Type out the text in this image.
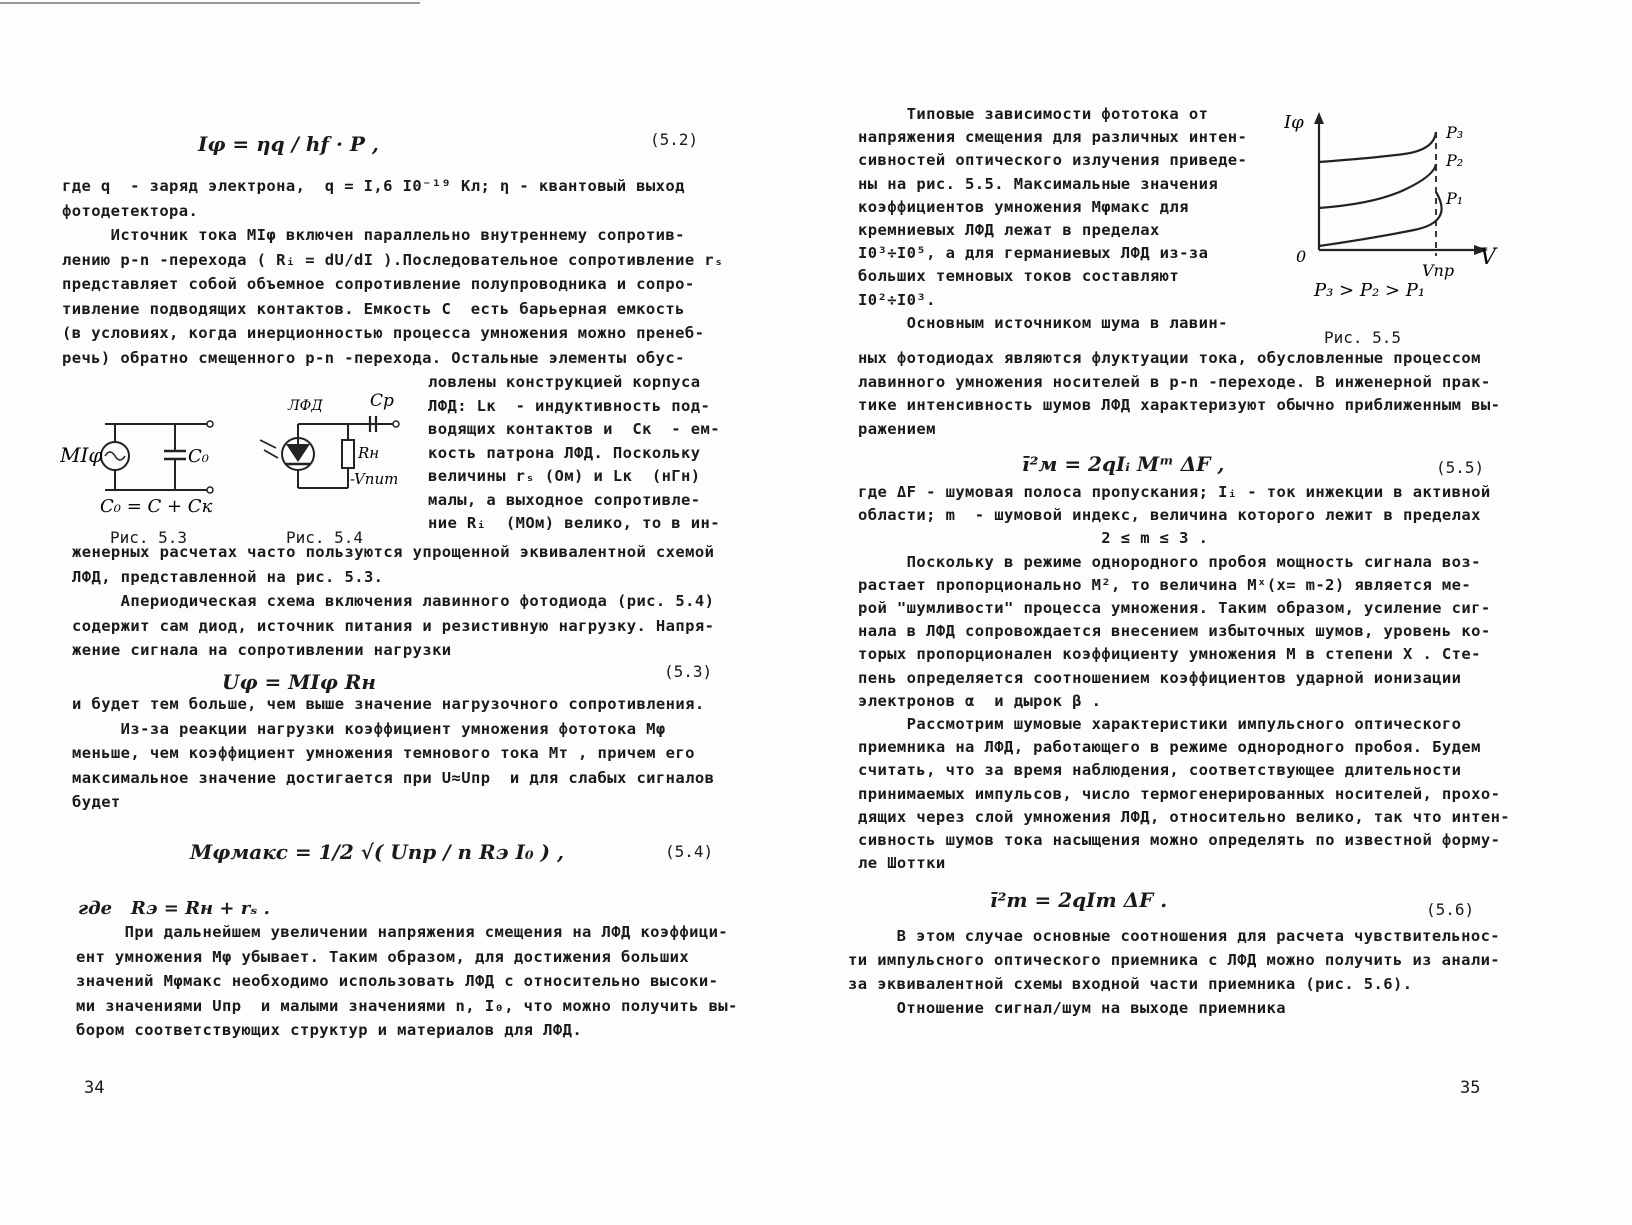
Iφ = ηq / hf · P ,	(5.2)
где q  - заряд электрона,  q = I,6 I0⁻¹⁹ Кл; η - квантовый выход
фотодетектора.
Источник тока MIφ включен параллельно внутреннему сопротив-
лению p-n -перехода ( Rᵢ = dU/dI ).Последовательное сопротивление rₛ
представляет собой объемное сопротивление полупроводника и сопро-
тивление подводящих контактов. Емкость C  есть барьерная емкость
(в условиях, когда инерционностью процесса умножения можно пренеб-
речь) обратно смещенного p-n -перехода. Остальные элементы обус-
ловлены конструкцией корпуса
ЛФД: Lк  - индуктивность под-
водящих контактов и  Cк  - ем-
кость патрона ЛФД. Поскольку
величины rₛ (Ом) и Lк  (нГн)
малы, а выходное сопротивле-
ние Rᵢ  (МОм) велико, то в ин-
MIφ	C₀
C₀ = C + Cк
Рис. 5.3
ЛФД	Cp
Rн
-Vпит
Рис. 5.4
женерных расчетах часто пользуются упрощенной эквивалентной схемой
ЛФД, представленной на рис. 5.3.
Апериодическая схема включения лавинного фотодиода (рис. 5.4)
содержит сам диод, источник питания и резистивную нагрузку. Напря-
жение сигнала на сопротивлении нагрузки
Uφ = MIφ Rн	(5.3)
и будет тем больше, чем выше значение нагрузочного сопротивления.
Из-за реакции нагрузки коэффициент умножения фототока Mφ
меньше, чем коэффициент умножения темнового тока Mт , причем его
максимальное значение достигается при U≈Uпр  и для слабых сигналов
будет
Mφмакс = 1/2 √( Uпр / n Rэ I₀ ) ,	(5.4)
где   Rэ = Rн + rₛ .
При дальнейшем увеличении напряжения смещения на ЛФД коэффици-
ент умножения Mφ убывает. Таким образом, для достижения больших
значений Mφмакс необходимо использовать ЛФД с относительно высоки-
ми значениями Uпр  и малыми значениями n, I₀, что можно получить вы-
бором соответствующих структур и материалов для ЛФД.
34
Типовые зависимости фототока от
напряжения смещения для различных интен-
сивностей оптического излучения приведе-
ны на рис. 5.5. Максимальные значения
коэффициентов умножения Mφмакс для
кремниевых ЛФД лежат в пределах
I0³÷I0⁵, а для германиевых ЛФД из-за
больших темновых токов составляют
I0²÷I0³.
Основным источником шума в лавин-
Iφ
V
0
Vпр
P₃
P₂
P₁
P₃ > P₂ > P₁
Рис. 5.5
ных фотодиодах являются флуктуации тока, обусловленные процессом
лавинного умножения носителей в p-n -переходе. В инженерной прак-
тике интенсивность шумов ЛФД характеризуют обычно приближенным вы-
ражением
ī²м = 2qIᵢ Mᵐ ΔF ,	(5.5)
где ΔF - шумовая полоса пропускания; Iᵢ - ток инжекции в активной
области; m  - шумовой индекс, величина которого лежит в пределах
2 ≤ m ≤ 3 .
Поскольку в режиме однородного пробоя мощность сигнала воз-
растает пропорционально M², то величина Mˣ(x= m-2) является ме-
рой "шумливости" процесса умножения. Таким образом, усиление сиг-
нала в ЛФД сопровождается внесением избыточных шумов, уровень ко-
торых пропорционален коэффициенту умножения M в степени X . Сте-
пень определяется соотношением коэффициентов ударной ионизации
электронов α  и дырок β .
Рассмотрим шумовые характеристики импульсного оптического
приемника на ЛФД, работающего в режиме однородного пробоя. Будем
считать, что за время наблюдения, соответствующее длительности
принимаемых импульсов, число термогенерированных носителей, прохо-
дящих через слой умножения ЛФД, относительно велико, так что интен-
сивность шумов тока насыщения можно определять по известной форму-
ле Шоттки
ī²т = 2qIт ΔF .	(5.6)
В этом случае основные соотношения для расчета чувствительнос-
ти импульсного оптического приемника с ЛФД можно получить из анали-
за эквивалентной схемы входной части приемника (рис. 5.6).
Отношение сигнал/шум на выходе приемника
35
